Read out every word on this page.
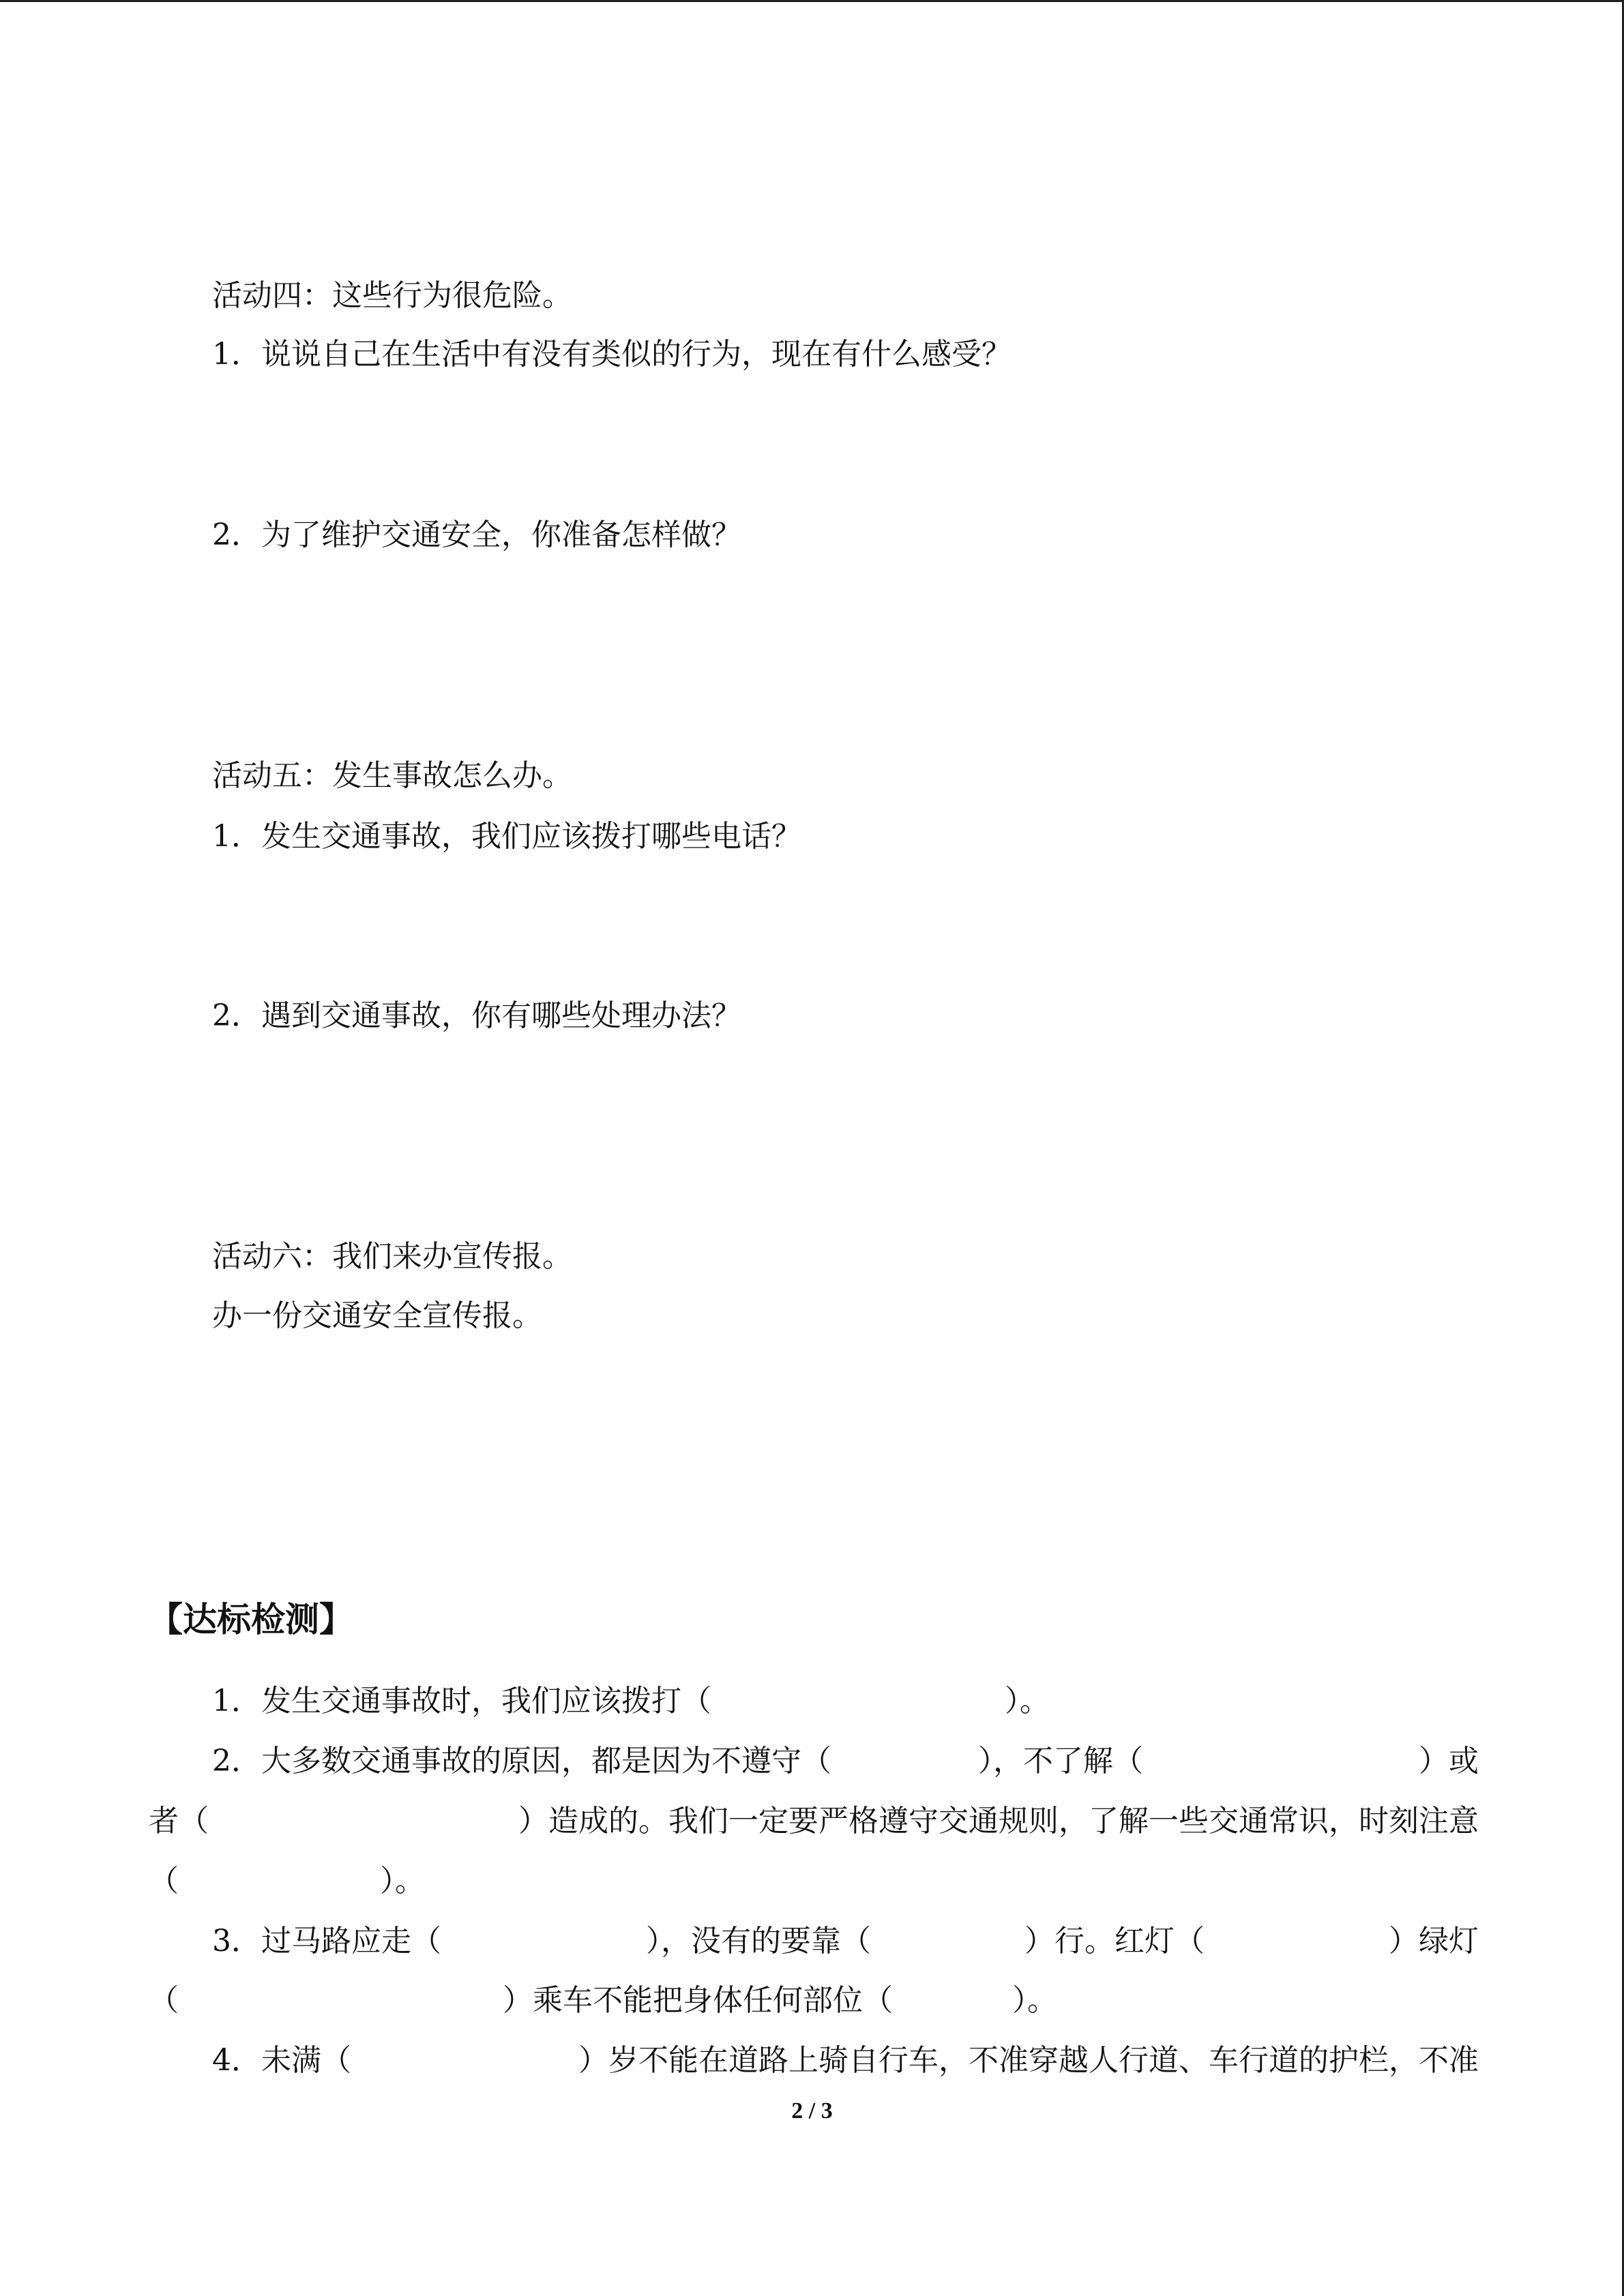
活动四：这些行为很危险。
1．说说自己在生活中有没有类似的行为，现在有什么感受？
2．为了维护交通安全，你准备怎样做？
活动五：发生事故怎么办。
1．发生交通事故，我们应该拨打哪些电话？
2．遇到交通事故，你有哪些处理办法？
活动六：我们来办宣传报。
办一份交通安全宣传报。
【达标检测】
1．发生交通事故时，我们应该拨打（	）。
2．大多数交通事故的原因，都是因为不遵守（	），不了解（	）或
者（	）造成的。我们一定要严格遵守交通规则，了解一些交通常识，时刻注意
（	）。
3．过马路应走（	），没有的要靠（	）行。红灯（	）绿灯
（	）乘车不能把身体任何部位（	）。
4．未满（	）岁不能在道路上骑自行车，不准穿越人行道、车行道的护栏，不准
2 / 3
